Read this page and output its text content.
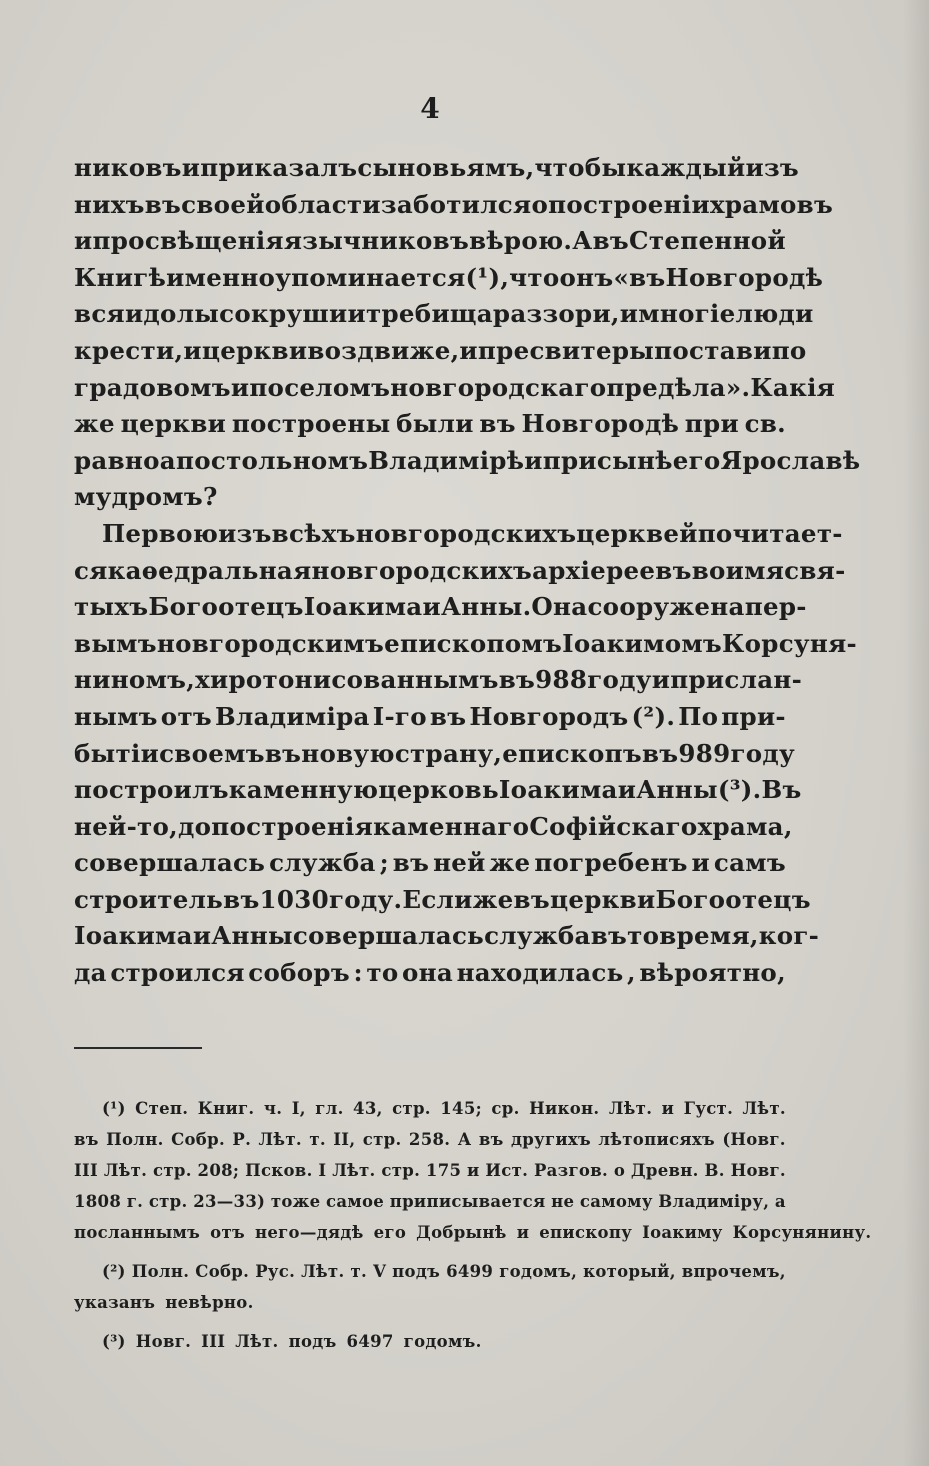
4
никовъ и приказалъ сыновьямъ, чтобы каждый изъ
нихъ въ своей области заботился о построеніи храмовъ
и просвѣщенія язычниковъ вѣрою. А въ Степенной
Книгѣ именно упоминается (¹), что онъ «въ Новгородѣ
вся идолы сокруши и требища раззори, и многіе люди
крести , и церкви воздвиже, и пресвитеры постави по
градовомъ и по селомъ новгородскаго предѣла». Какія
же церкви построены были въ Новгородѣ при св.
равноапостольномъ Владимірѣ и при сынѣ его Ярославѣ
мудромъ?
Первою изъ всѣхъ новгородскихъ церквей почитает-
ся каѳедральная новгородскихъ архіереевъ во имя свя-
тыхъ Богоотецъ Іоакима и Анны. Она сооружена пер-
вымъ новгородскимъ епископомъ Іоакимомъ Корсуня-
ниномъ, хиротонисованнымъ въ 988 году и прислан-
нымъ отъ Владиміра І-го въ Новгородъ (²). По при-
бытіи своемъ въ новую страну, епископъ въ 989 году
построилъ каменную церковь Іоакима и Анны (³). Въ
ней-то, до построенія каменнаго Софійскаго храма,
совершалась служба ; въ ней же погребенъ и самъ
строитель въ 1030 году. Если же въ церкви Богоотецъ
Іоакима и Анны совершалась служба въ то время, ког-
да строился соборъ : то она находилась , вѣроятно,
(¹) Степ. Книг. ч. I, гл. 43, стр. 145; ср. Никон. Лѣт. и Густ. Лѣт.
въ Полн. Собр. Р. Лѣт. т. II, стр. 258. А въ другихъ лѣтописяхъ (Новг.
III Лѣт. стр. 208; Псков. I Лѣт. стр. 175 и Ист. Разгов. о Древн. В. Новг.
1808 г. стр. 23—33) тоже самое приписывается не самому Владиміру, а
посланнымъ отъ него—дядѣ его Добрынѣ и епископу Іоакиму Корсунянину.
(²) Полн. Собр. Рус. Лѣт. т. V подъ 6499 годомъ, который, впрочемъ,
указанъ невѣрно.
(³) Новг. III Лѣт. подъ 6497 годомъ.
